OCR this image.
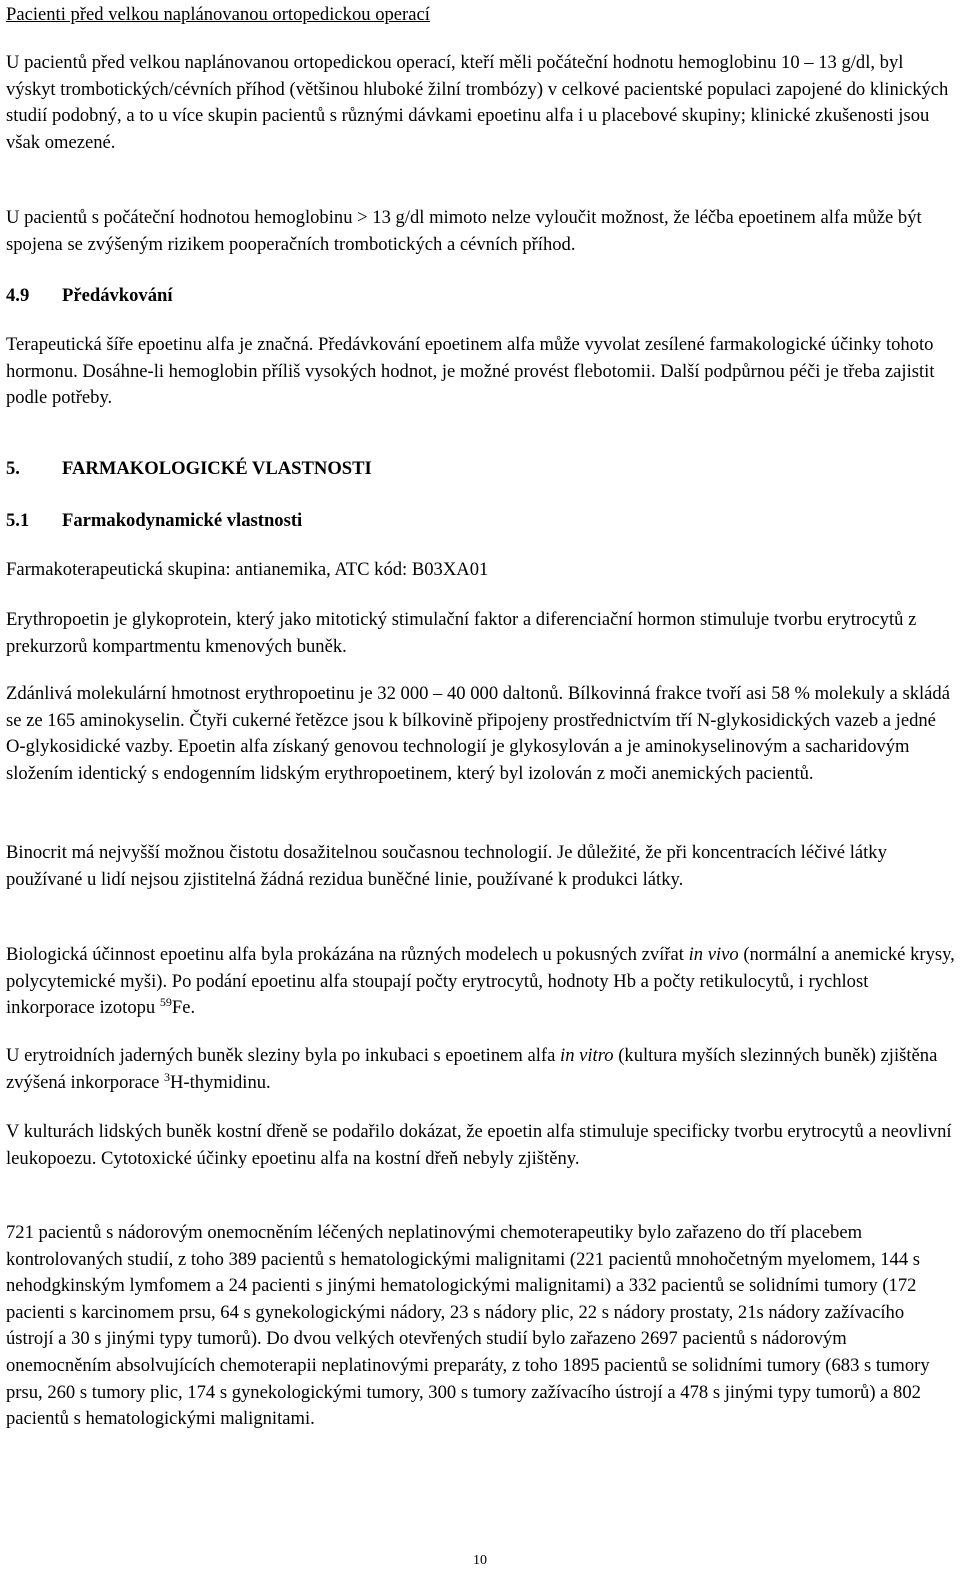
Pacienti před velkou naplánovanou ortopedickou operací

U pacientů před velkou naplánovanou ortopedickou operací, kteří měli počáteční hodnotu hemoglobinu 10 – 13 g/dl, byl výskyt trombotických/cévních příhod (většinou hluboké žilní trombózy) v celkové pacientské populaci zapojené do klinických studií podobný, a to u více skupin pacientů s různými dávkami epoetinu alfa i u placebové skupiny; klinické zkušenosti jsou však omezené.

U pacientů s počáteční hodnotou hemoglobinu > 13 g/dl mimoto nelze vyloučit možnost, že léčba epoetinem alfa může být spojena se zvýšeným rizikem pooperačních trombotických a cévních příhod.

4.9 Předávkování

Terapeutická šíře epoetinu alfa je značná. Předávkování epoetinem alfa může vyvolat zesílené farmakologické účinky tohoto hormonu. Dosáhne-li hemoglobin příliš vysokých hodnot, je možné provést flebotomii. Další podpůrnou péči je třeba zajistit podle potřeby.

5. FARMAKOLOGICKÉ VLASTNOSTI

5.1 Farmakodynamické vlastnosti

Farmakoterapeutická skupina: antianemika, ATC kód: B03XA01

Erythropoetin je glykoprotein, který jako mitotický stimulační faktor a diferenciační hormon stimuluje tvorbu erytrocytů z prekurzorů kompartmentu kmenových buněk.

Zdánlivá molekulární hmotnost erythropoetinu je 32 000 – 40 000 daltonů. Bílkovinná frakce tvoří asi 58 % molekuly a skládá se ze 165 aminokyselin. Čtyři cukerné řetězce jsou k bílkovině připojeny prostřednictvím tří N-glykosidických vazeb a jedné O-glykosidické vazby. Epoetin alfa získaný genovou technologií je glykosylován a je aminokyselinovým a sacharidovým složením identický s endogenním lidským erythropoetinem, který byl izolován z moči anemických pacientů.

Binocrit má nejvyšší možnou čistotu dosažitelnou současnou technologií. Je důležité, že při koncentracích léčivé látky používané u lidí nejsou zjistitelná žádná rezidua buněčné linie, používané k produkci látky.

Biologická účinnost epoetinu alfa byla prokázána na různých modelech u pokusných zvířat in vivo (normální a anemické krysy, polycytemické myši). Po podání epoetinu alfa stoupají počty erytrocytů, hodnoty Hb a počty retikulocytů, i rychlost inkorporace izotopu $^{59}$Fe.

U erytroidních jaderných buněk sleziny byla po inkubaci s epoetinem alfa in vitro (kultura myších slezinných buněk) zjištěna zvýšená inkorporace $^3$H-thymidinu.

V kulturách lidských buněk kostní dřeně se podařilo dokázat, že epoetin alfa stimuluje specificky tvorbu erytrocytů a neovlivní leukopoezu. Cytotoxické účinky epoetinu alfa na kostní dřeň nebyly zjištěny.

721 pacientů s nádorovým onemocněním léčených neplatinovými chemoterapeutiky bylo zařazeno do tří placebem kontrolovaných studií, z toho 389 pacientů s hematologickými malignitami (221 pacientů mnohočetným myelomem, 144 s nehodgkinským lymfomem a 24 pacienti s jinými hematologickými malignitami) a 332 pacientů se solidními tumory (172 pacienti s karcinomem prsu, 64 s gynekologickými nádory, 23 s nádory plic, 22 s nádory prostaty, 21s nádory zažívacího ústrojí a 30 s jinými typy tumorů). Do dvou velkých otevřených studií bylo zařazeno 2697 pacientů s nádorovým onemocněním absolvujících chemoterapii neplatinovými preparáty, z toho 1895 pacientů se solidními tumory (683 s tumory prsu, 260 s tumory plic, 174 s gynekologickými tumory, 300 s tumory zažívacího ústrojí a 478 s jinými typy tumorů) a 802 pacientů s hematologickými malignitami.

10
